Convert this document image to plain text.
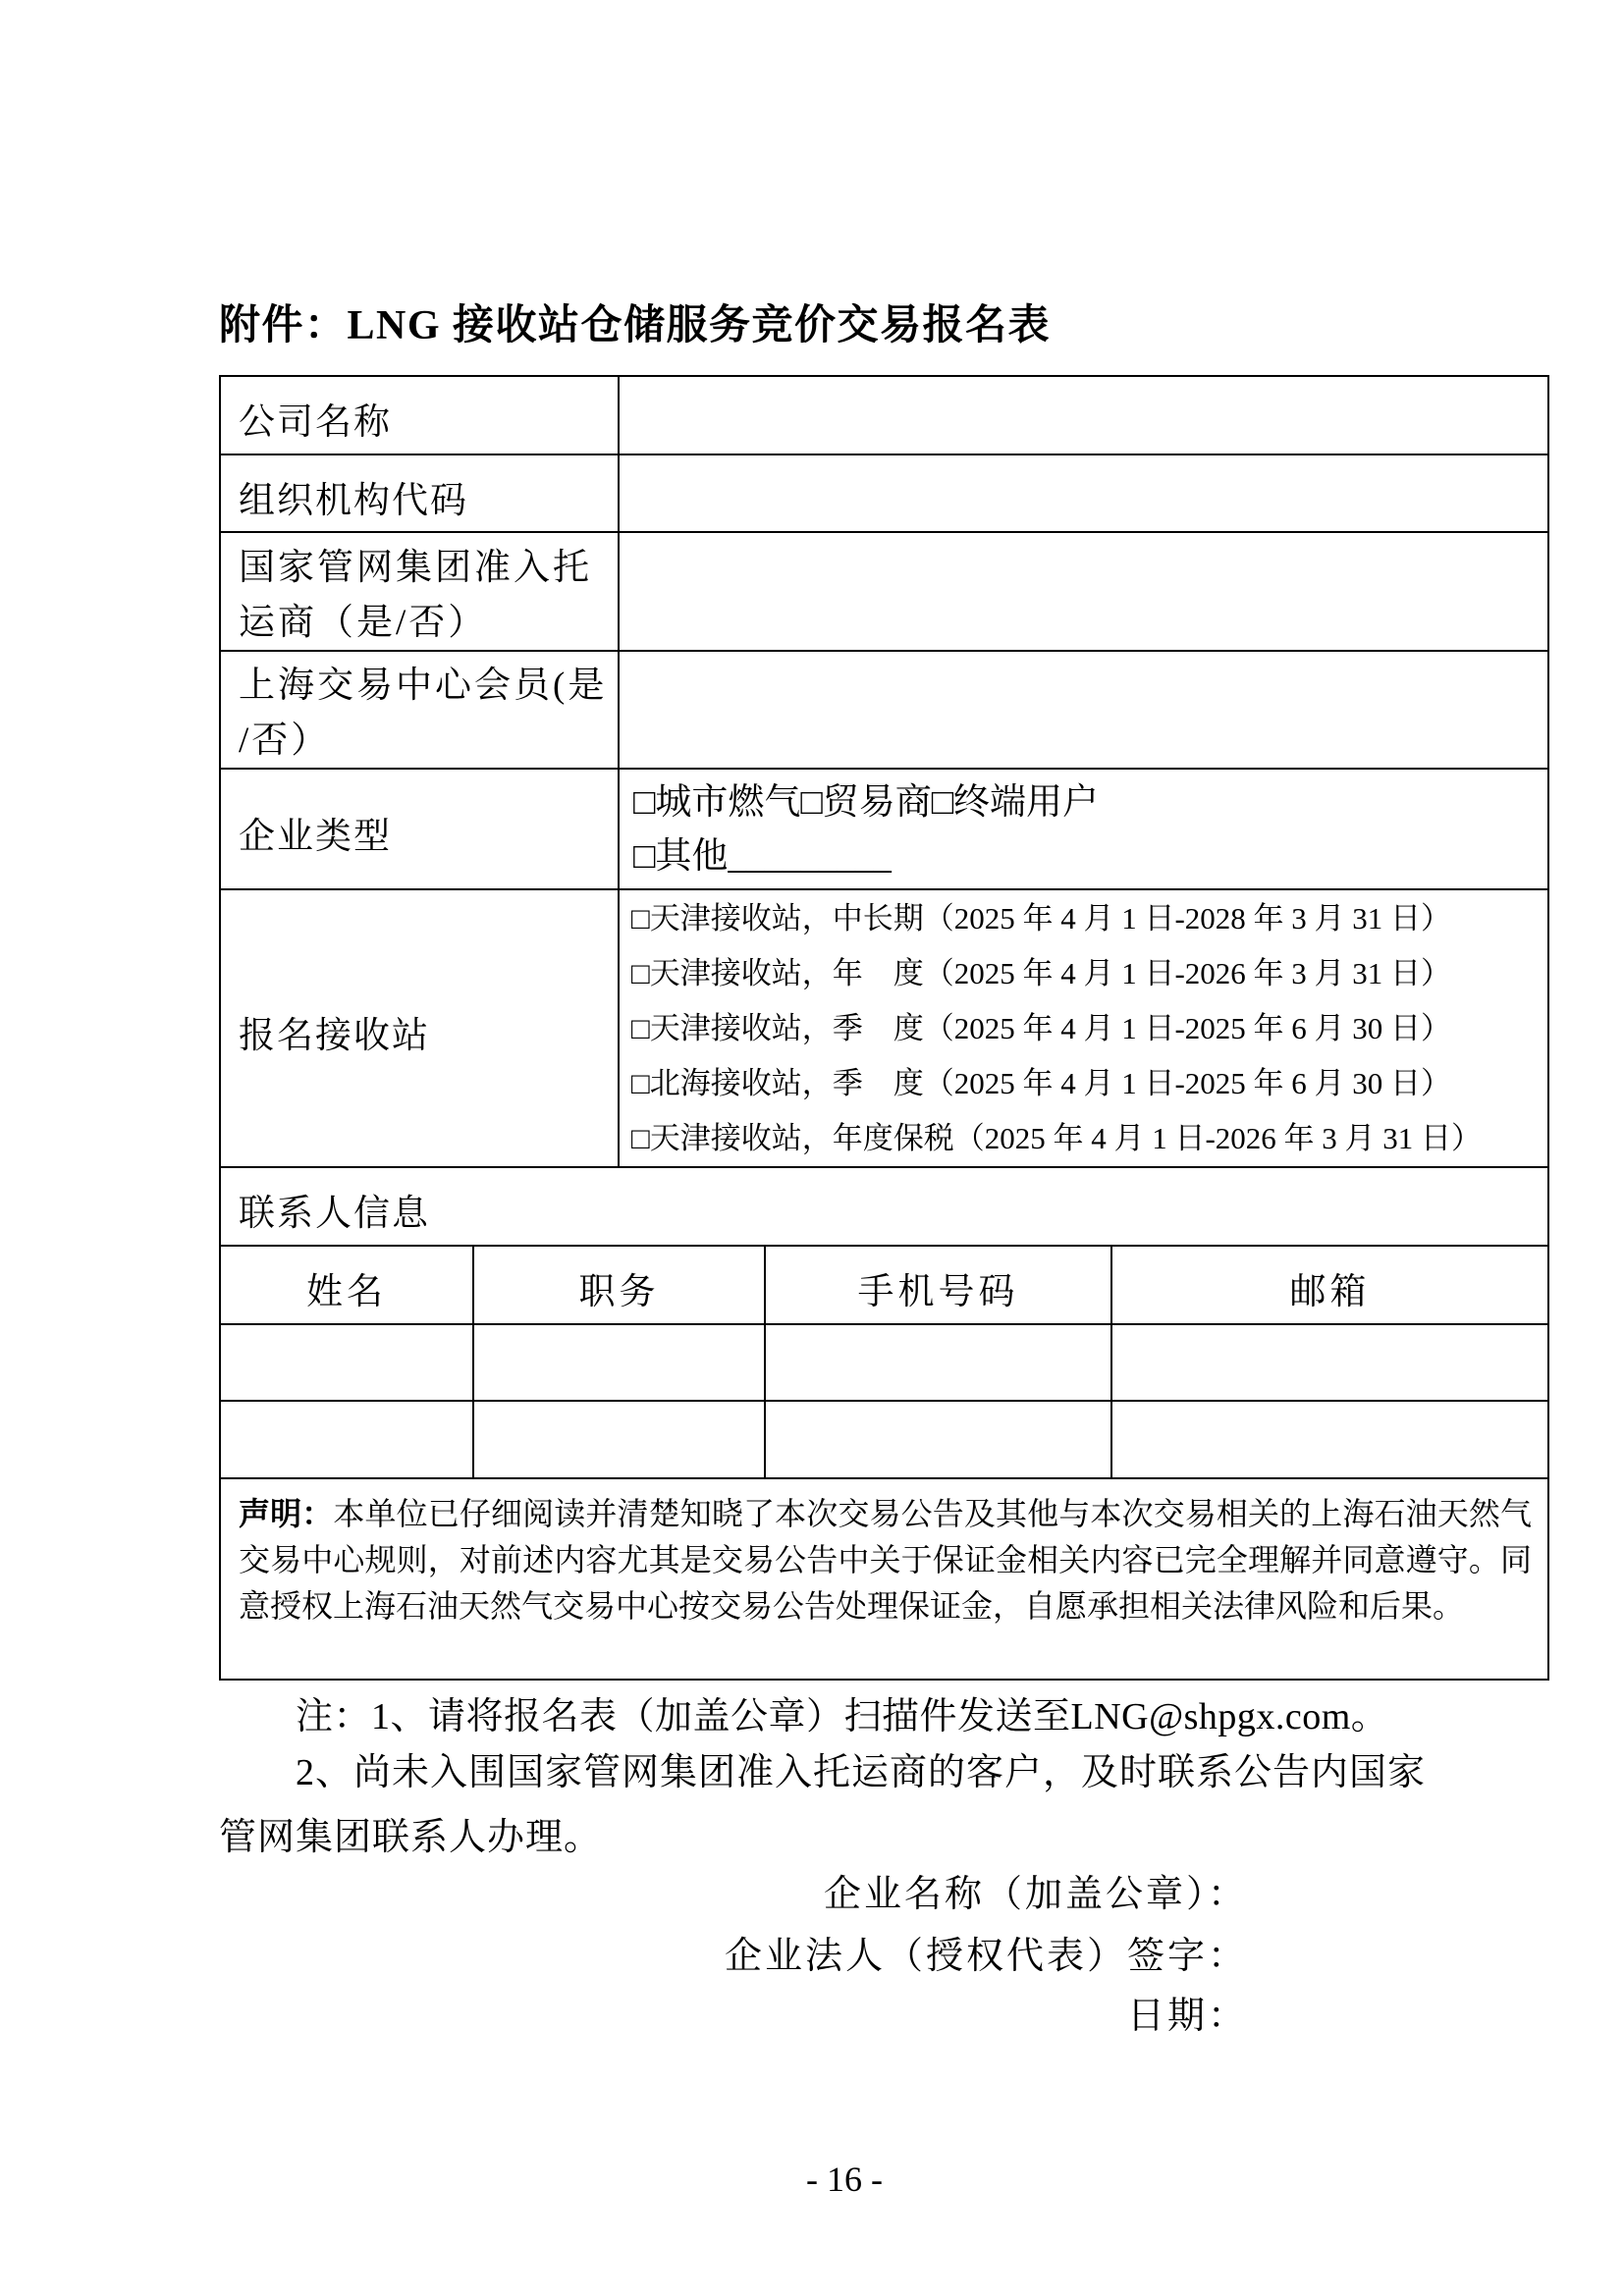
附件：LNG 接收站仓储服务竞价交易报名表
公司名称				

组织机构代码				

国家管网集团准入托
运商（是/否）				

上海交易中心会员(是
/否）				

企业类型		□城市燃气□贸易商□终端用户
□其他_________		

报名接收站		□天津接收站，中长期（2025 年 4 月 1 日-2028 年 3 月 31 日）
□天津接收站，年　度（2025 年 4 月 1 日-2026 年 3 月 31 日）
□天津接收站，季　度（2025 年 4 月 1 日-2025 年 6 月 30 日）
□北海接收站，季　度（2025 年 4 月 1 日-2025 年 6 月 30 日）
□天津接收站，年度保税（2025 年 4 月 1 日-2026 年 3 月 31 日）		

联系人信息				

姓名	职务		手机号码	邮箱

声明：本单位已仔细阅读并清楚知晓了本次交易公告及其他与本次交易相关的上海石油天然气交易中心规则，对前述内容尤其是交易公告中关于保证金相关内容已完全理解并同意遵守。同意授权上海石油天然气交易中心按交易公告处理保证金，自愿承担相关法律风险和后果。				
注：1、请将报名表（加盖公章）扫描件发送至LNG@shpgx.com。
2、尚未入围国家管网集团准入托运商的客户，及时联系公告内国家
管网集团联系人办理。
企业名称（加盖公章）：
企业法人（授权代表）签字：
日期：
- 16 -
